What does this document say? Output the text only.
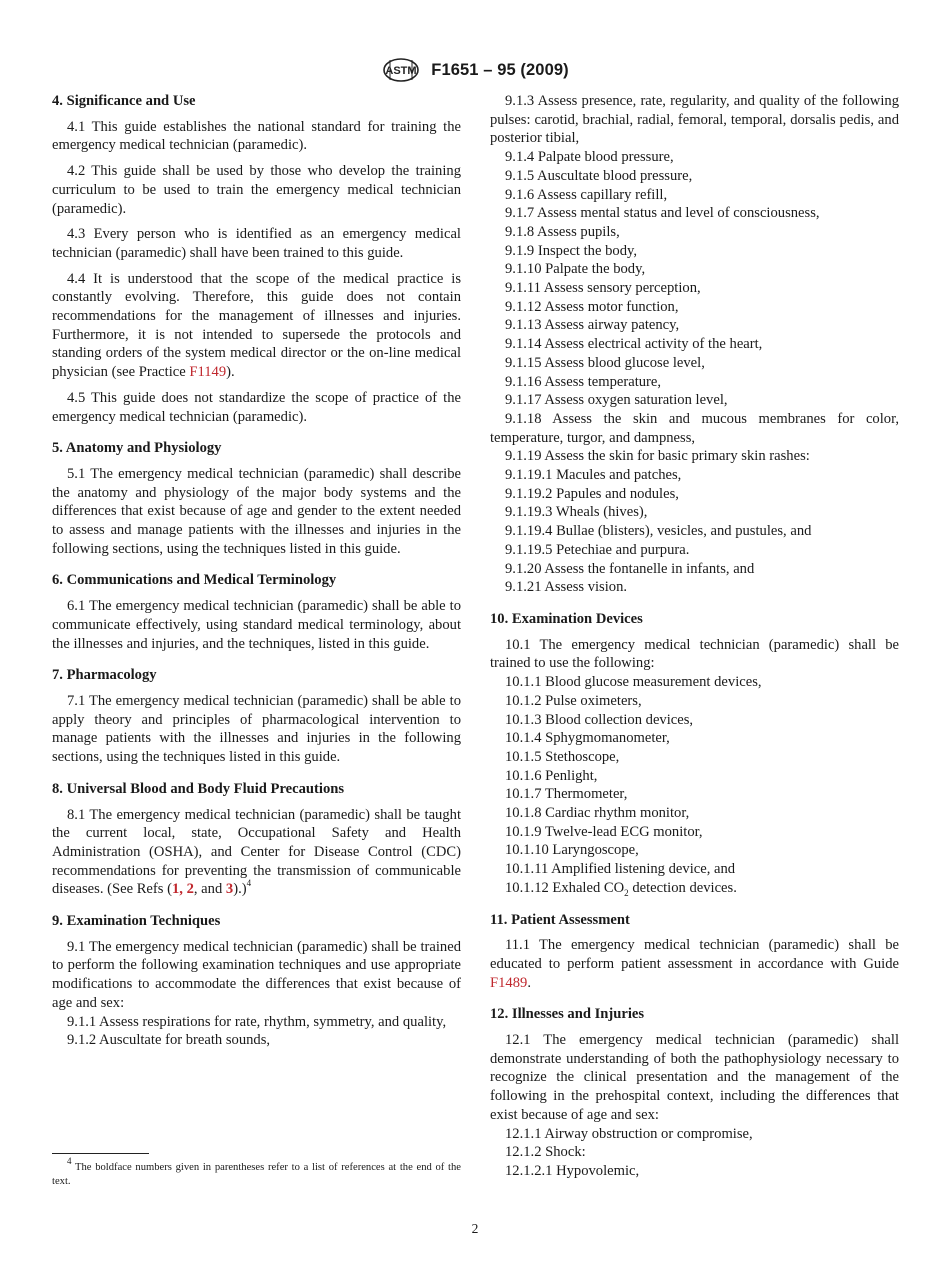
ASTM F1651 – 95 (2009)
4. Significance and Use

4.1 This guide establishes the national standard for training the emergency medical technician (paramedic).

4.2 This guide shall be used by those who develop the training curriculum to be used to train the emergency medical technician (paramedic).

4.3 Every person who is identified as an emergency medical technician (paramedic) shall have been trained to this guide.

4.4 It is understood that the scope of the medical practice is constantly evolving. Therefore, this guide does not contain recommendations for the management of illnesses and injuries. Furthermore, it is not intended to supersede the protocols and standing orders of the system medical director or the on-line medical physician (see Practice F1149).

4.5 This guide does not standardize the scope of practice of the emergency medical technician (paramedic).

5. Anatomy and Physiology

5.1 The emergency medical technician (paramedic) shall describe the anatomy and physiology of the major body systems and the differences that exist because of age and gender to the extent needed to assess and manage patients with the illnesses and injuries in the following sections, using the techniques listed in this guide.

6. Communications and Medical Terminology

6.1 The emergency medical technician (paramedic) shall be able to communicate effectively, using standard medical terminology, about the illnesses and injuries, and the techniques, listed in this guide.

7. Pharmacology

7.1 The emergency medical technician (paramedic) shall be able to apply theory and principles of pharmacological intervention to manage patients with the illnesses and injuries in the following sections, using the techniques listed in this guide.

8. Universal Blood and Body Fluid Precautions

8.1 The emergency medical technician (paramedic) shall be taught the current local, state, Occupational Safety and Health Administration (OSHA), and Center for Disease Control (CDC) recommendations for preventing the transmission of communicable diseases. (See Refs (1, 2, and 3).)$^4$

9. Examination Techniques

9.1 The emergency medical technician (paramedic) shall be trained to perform the following examination techniques and use appropriate modifications to accommodate the differences that exist because of age and sex:

9.1.1 Assess respirations for rate, rhythm, symmetry, and quality,

9.1.2 Auscultate for breath sounds,

$^4$ The boldface numbers given in parentheses refer to a list of references at the end of the text.

9.1.3 Assess presence, rate, regularity, and quality of the following pulses: carotid, brachial, radial, femoral, temporal, dorsalis pedis, and posterior tibial,

9.1.4 Palpate blood pressure,

9.1.5 Auscultate blood pressure,

9.1.6 Assess capillary refill,

9.1.7 Assess mental status and level of consciousness,

9.1.8 Assess pupils,

9.1.9 Inspect the body,

9.1.10 Palpate the body,

9.1.11 Assess sensory perception,

9.1.12 Assess motor function,

9.1.13 Assess airway patency,

9.1.14 Assess electrical activity of the heart,

9.1.15 Assess blood glucose level,

9.1.16 Assess temperature,

9.1.17 Assess oxygen saturation level,

9.1.18 Assess the skin and mucous membranes for color, temperature, turgor, and dampness,

9.1.19 Assess the skin for basic primary skin rashes:

9.1.19.1 Macules and patches,

9.1.19.2 Papules and nodules,

9.1.19.3 Wheals (hives),

9.1.19.4 Bullae (blisters), vesicles, and pustules, and

9.1.19.5 Petechiae and purpura.

9.1.20 Assess the fontanelle in infants, and

9.1.21 Assess vision.

10. Examination Devices

10.1 The emergency medical technician (paramedic) shall be trained to use the following:

10.1.1 Blood glucose measurement devices,

10.1.2 Pulse oximeters,

10.1.3 Blood collection devices,

10.1.4 Sphygmomanometer,

10.1.5 Stethoscope,

10.1.6 Penlight,

10.1.7 Thermometer,

10.1.8 Cardiac rhythm monitor,

10.1.9 Twelve-lead ECG monitor,

10.1.10 Laryngoscope,

10.1.11 Amplified listening device, and

10.1.12 Exhaled $CO_2$ detection devices.

11. Patient Assessment

11.1 The emergency medical technician (paramedic) shall be educated to perform patient assessment in accordance with Guide F1489.

12. Illnesses and Injuries

12.1 The emergency medical technician (paramedic) shall demonstrate understanding of both the pathophysiology necessary to recognize the clinical presentation and the management of the following in the prehospital context, including the differences that exist because of age and sex:

12.1.1 Airway obstruction or compromise,

12.1.2 Shock:

12.1.2.1 Hypovolemic,

2
